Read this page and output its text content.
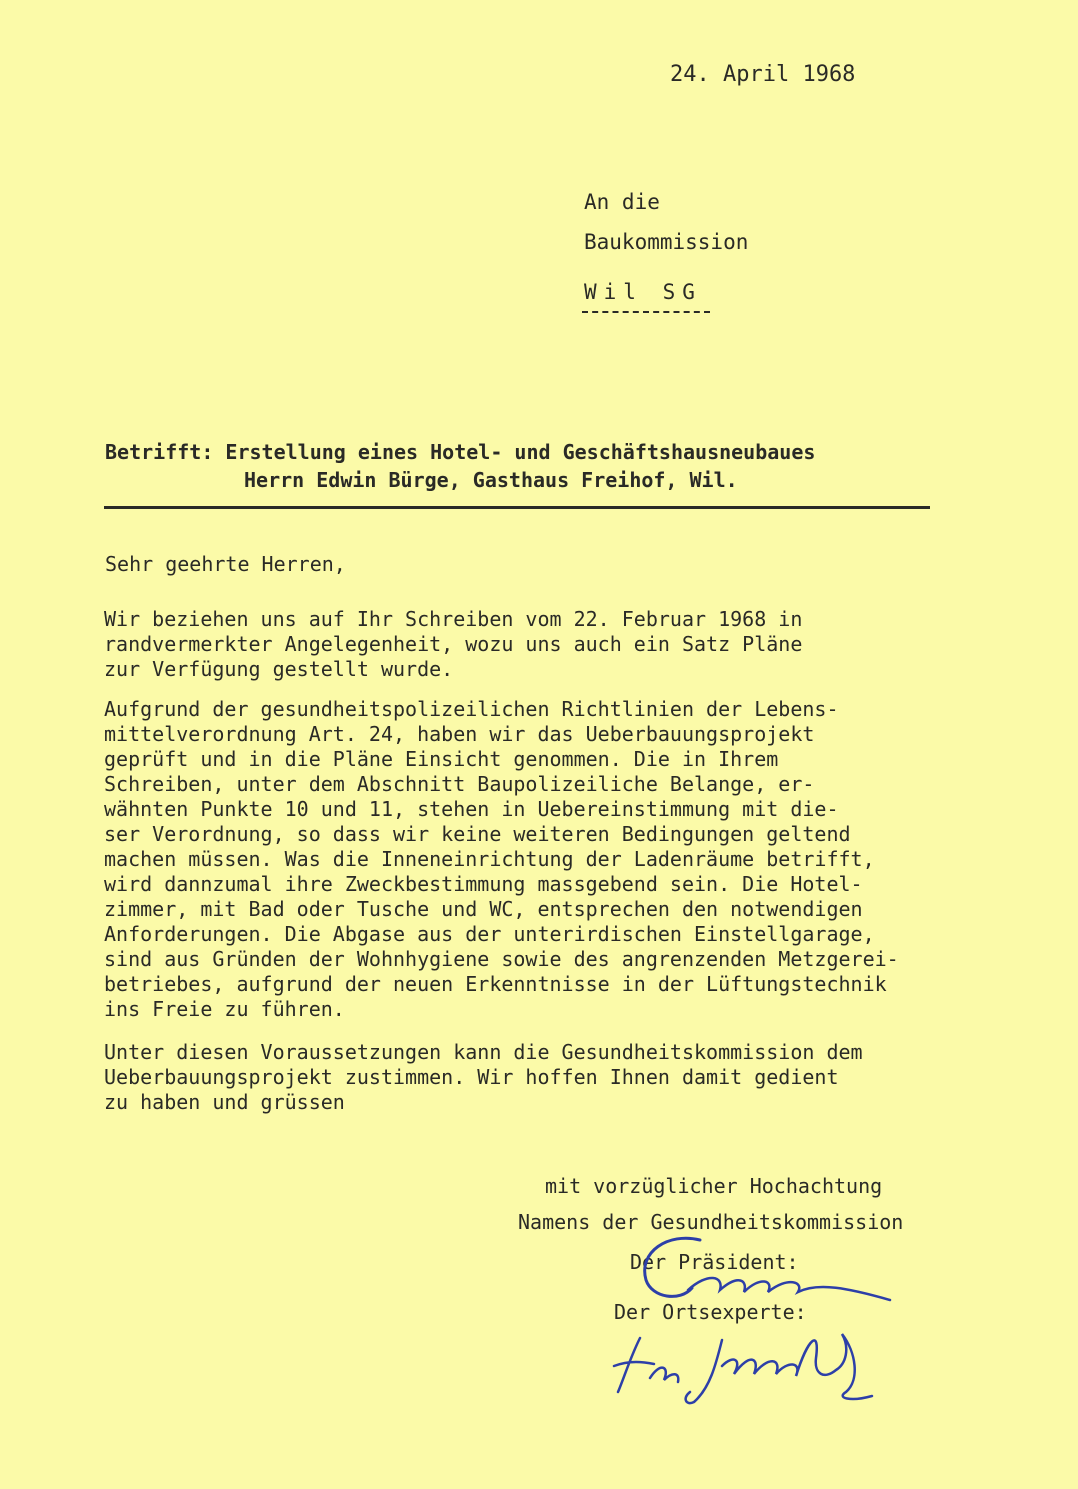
24. April 1968
An die
Baukommission
Wil SG
Betrifft: Erstellung eines Hotel- und Geschäftshausneubaues
Herrn Edwin Bürge, Gasthaus Freihof, Wil.
Sehr geehrte Herren,
Wir beziehen uns auf Ihr Schreiben vom 22. Februar 1968 in
randvermerkter Angelegenheit, wozu uns auch ein Satz Pläne
zur Verfügung gestellt wurde.
Aufgrund der gesundheitspolizeilichen Richtlinien der Lebens-
mittelverordnung Art. 24, haben wir das Ueberbauungsprojekt
geprüft und in die Pläne Einsicht genommen. Die in Ihrem
Schreiben, unter dem Abschnitt Baupolizeiliche Belange, er-
wähnten Punkte 10 und 11, stehen in Uebereinstimmung mit die-
ser Verordnung, so dass wir keine weiteren Bedingungen geltend
machen müssen. Was die Inneneinrichtung der Ladenräume betrifft,
wird dannzumal ihre Zweckbestimmung massgebend sein. Die Hotel-
zimmer, mit Bad oder Tusche und WC, entsprechen den notwendigen
Anforderungen. Die Abgase aus der unterirdischen Einstellgarage,
sind aus Gründen der Wohnhygiene sowie des angrenzenden Metzgerei-
betriebes, aufgrund der neuen Erkenntnisse in der Lüftungstechnik
ins Freie zu führen.
Unter diesen Voraussetzungen kann die Gesundheitskommission dem
Ueberbauungsprojekt zustimmen. Wir hoffen Ihnen damit gedient
zu haben und grüssen
mit vorzüglicher Hochachtung
Namens der Gesundheitskommission
Der Präsident:
Der Ortsexperte:
